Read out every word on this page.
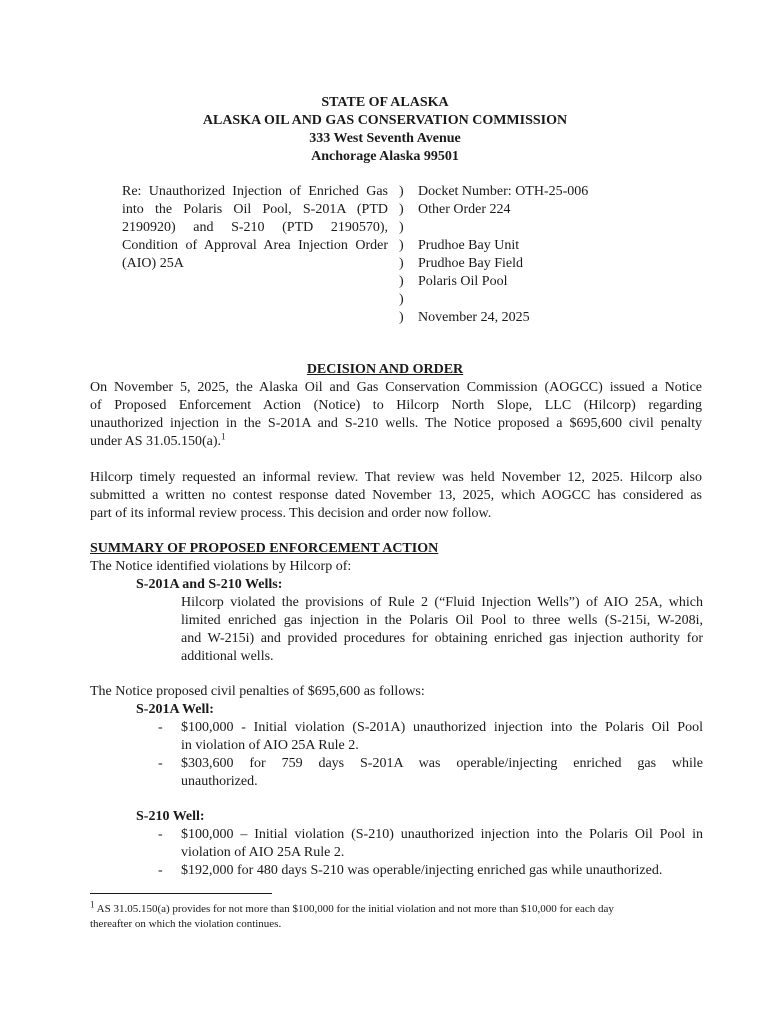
STATE OF ALASKA
ALASKA OIL AND GAS CONSERVATION COMMISSION
333 West Seventh Avenue
Anchorage Alaska 99501
Re: Unauthorized Injection of Enriched Gas
into the Polaris Oil Pool, S-201A (PTD
2190920) and S-210 (PTD 2190570),
Condition of Approval Area Injection Order
(AIO) 25A
)
)
)
)
)
)
)
)
Docket Number: OTH-25-006
Other Order 224
Prudhoe Bay Unit
Prudhoe Bay Field
Polaris Oil Pool
November 24, 2025
DECISION AND ORDER
On November 5, 2025, the Alaska Oil and Gas Conservation Commission (AOGCC) issued a Notice
of Proposed Enforcement Action (Notice) to Hilcorp North Slope, LLC (Hilcorp) regarding
unauthorized injection in the S-201A and S-210 wells. The Notice proposed a $695,600 civil penalty
under AS 31.05.150(a).$^1$
Hilcorp timely requested an informal review. That review was held November 12, 2025. Hilcorp also
submitted a written no contest response dated November 13, 2025, which AOGCC has considered as
part of its informal review process. This decision and order now follow.
SUMMARY OF PROPOSED ENFORCEMENT ACTION
The Notice identified violations by Hilcorp of:
S-201A and S-210 Wells:
Hilcorp violated the provisions of Rule 2 (“Fluid Injection Wells”) of AIO 25A, which
limited enriched gas injection in the Polaris Oil Pool to three wells (S-215i, W-208i,
and W-215i) and provided procedures for obtaining enriched gas injection authority for
additional wells.
The Notice proposed civil penalties of $695,600 as follows:
S-201A Well:
- $100,000 - Initial violation (S-201A) unauthorized injection into the Polaris Oil Pool
in violation of AIO 25A Rule 2.
- $303,600 for 759 days S-201A was operable/injecting enriched gas while
unauthorized.
S-210 Well:
- $100,000 – Initial violation (S-210) unauthorized injection into the Polaris Oil Pool in
violation of AIO 25A Rule 2.
- $192,000 for 480 days S-210 was operable/injecting enriched gas while unauthorized.
$^1$ AS 31.05.150(a) provides for not more than $100,000 for the initial violation and not more than $10,000 for each day
thereafter on which the violation continues.
